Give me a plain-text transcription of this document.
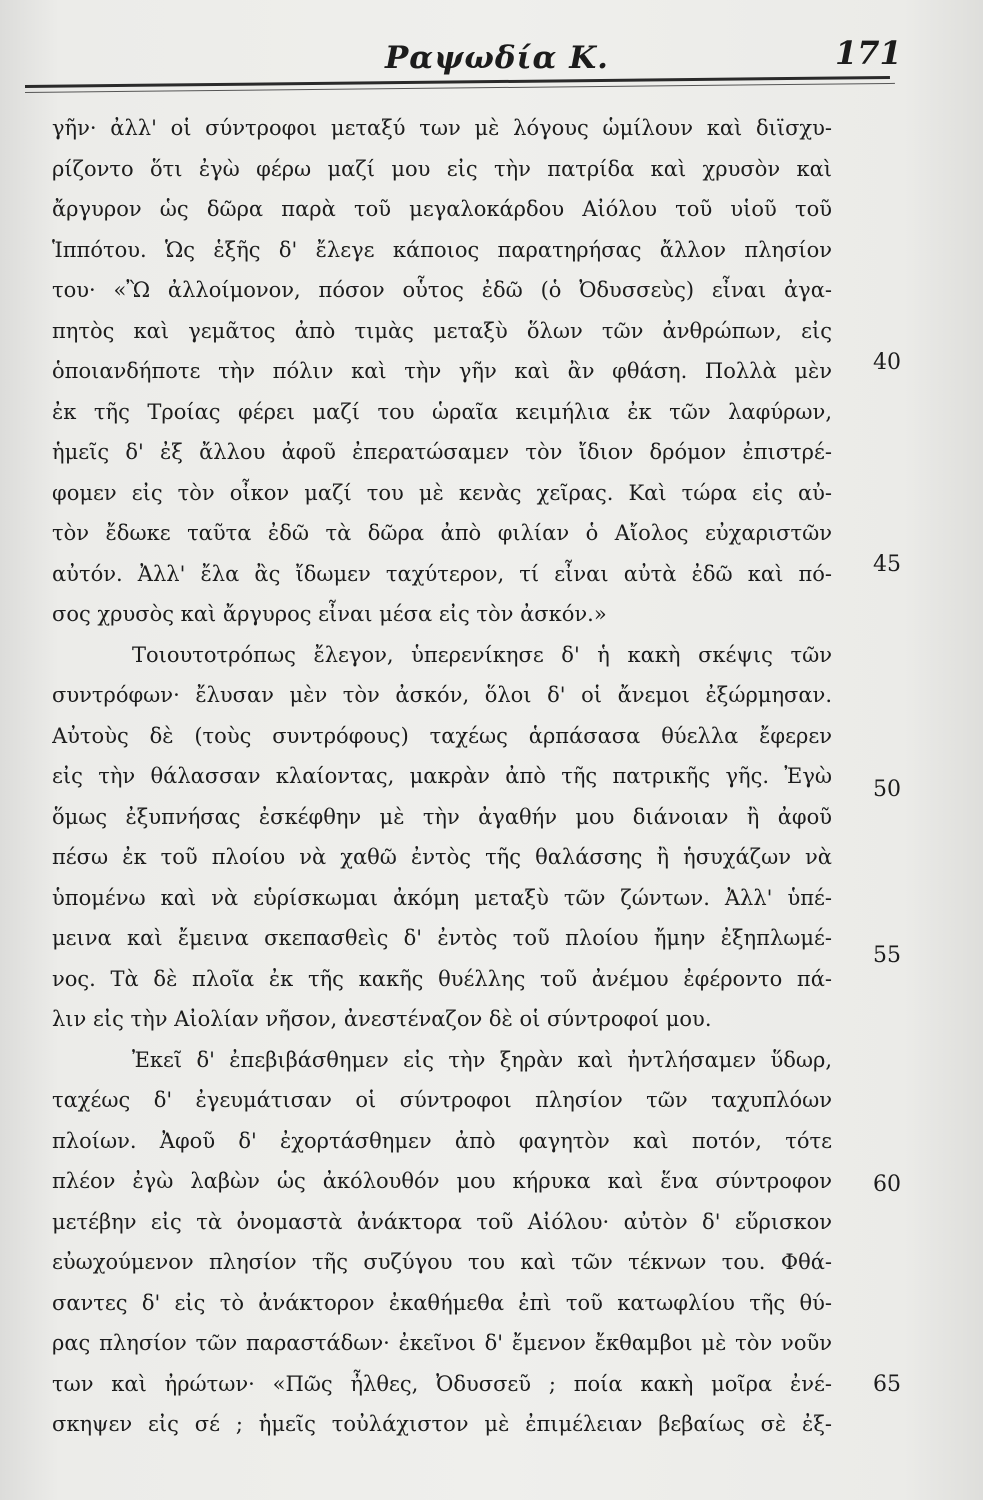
Ραψωδία Κ.	171
γῆν· ἀλλ' οἱ σύντροφοι μεταξύ των μὲ λόγους ὡμίλουν καὶ διϊσχυ-
ρίζοντο ὅτι ἐγὼ φέρω μαζί μου εἰς τὴν πατρίδα καὶ χρυσὸν καὶ
ἄργυρον ὡς δῶρα παρὰ τοῦ μεγαλοκάρδου Αἰόλου τοῦ υἱοῦ τοῦ
Ἱππότου. Ὡς ἑξῆς δ' ἔλεγε κάποιος παρατηρήσας ἄλλον πλησίον
του· «Ὢ ἀλλοίμονον, πόσον οὗτος ἐδῶ (ὁ Ὀδυσσεὺς) εἶναι ἀγα-
πητὸς καὶ γεμᾶτος ἀπὸ τιμὰς μεταξὺ ὅλων τῶν ἀνθρώπων, εἰς
ὁποιανδήποτε τὴν πόλιν καὶ τὴν γῆν καὶ ἂν φθάση. Πολλὰ μὲν
ἐκ τῆς Τροίας φέρει μαζί του ὡραῖα κειμήλια ἐκ τῶν λαφύρων,
ἡμεῖς δ' ἐξ ἄλλου ἀφοῦ ἐπερατώσαμεν τὸν ἴδιον δρόμον ἐπιστρέ-
φομεν εἰς τὸν οἶκον μαζί του μὲ κενὰς χεῖρας. Καὶ τώρα εἰς αὐ-
τὸν ἔδωκε ταῦτα ἐδῶ τὰ δῶρα ἀπὸ φιλίαν ὁ Αἴολος εὐχαριστῶν
αὐτόν. Ἀλλ' ἔλα ἂς ἴδωμεν ταχύτερον, τί εἶναι αὐτὰ ἐδῶ καὶ πό-
σος χρυσὸς καὶ ἄργυρος εἶναι μέσα εἰς τὸν ἀσκόν.»
Τοιουτοτρόπως ἔλεγον, ὑπερενίκησε δ' ἡ κακὴ σκέψις τῶν
συντρόφων· ἔλυσαν μὲν τὸν ἀσκόν, ὅλοι δ' οἱ ἄνεμοι ἐξώρμησαν.
Αὐτοὺς δὲ (τοὺς συντρόφους) ταχέως ἁρπάσασα θύελλα ἔφερεν
εἰς τὴν θάλασσαν κλαίοντας, μακρὰν ἀπὸ τῆς πατρικῆς γῆς. Ἐγὼ
ὅμως ἐξυπνήσας ἐσκέφθην μὲ τὴν ἀγαθήν μου διάνοιαν ἢ ἀφοῦ
πέσω ἐκ τοῦ πλοίου νὰ χαθῶ ἐντὸς τῆς θαλάσσης ἢ ἡσυχάζων νὰ
ὑπομένω καὶ νὰ εὑρίσκωμαι ἀκόμη μεταξὺ τῶν ζώντων. Ἀλλ' ὑπέ-
μεινα καὶ ἔμεινα σκεπασθεὶς δ' ἐντὸς τοῦ πλοίου ἤμην ἐξηπλωμέ-
νος. Τὰ δὲ πλοῖα ἐκ τῆς κακῆς θυέλλης τοῦ ἀνέμου ἐφέροντο πά-
λιν εἰς τὴν Αἰολίαν νῆσον, ἀνεστέναζον δὲ οἱ σύντροφοί μου.
Ἐκεῖ δ' ἐπεβιβάσθημεν εἰς τὴν ξηρὰν καὶ ἠντλήσαμεν ὕδωρ,
ταχέως δ' ἐγευμάτισαν οἱ σύντροφοι πλησίον τῶν ταχυπλόων
πλοίων. Ἀφοῦ δ' ἐχορτάσθημεν ἀπὸ φαγητὸν καὶ ποτόν, τότε
πλέον ἐγὼ λαβὼν ὡς ἀκόλουθόν μου κήρυκα καὶ ἕνα σύντροφον
μετέβην εἰς τὰ ὀνομαστὰ ἀνάκτορα τοῦ Αἰόλου· αὐτὸν δ' εὕρισκον
εὐωχούμενον πλησίον τῆς συζύγου του καὶ τῶν τέκνων του. Φθά-
σαντες δ' εἰς τὸ ἀνάκτορον ἐκαθήμεθα ἐπὶ τοῦ κατωφλίου τῆς θύ-
ρας πλησίον τῶν παραστάδων· ἐκεῖνοι δ' ἔμενον ἔκθαμβοι μὲ τὸν νοῦν
των καὶ ἠρώτων· «Πῶς ἦλθες, Ὀδυσσεῦ ; ποία κακὴ μοῖρα ἐνέ-
σκηψεν εἰς σέ ; ἡμεῖς τοὐλάχιστον μὲ ἐπιμέλειαν βεβαίως σὲ ἐξ-
40
45
50
55
60
65
